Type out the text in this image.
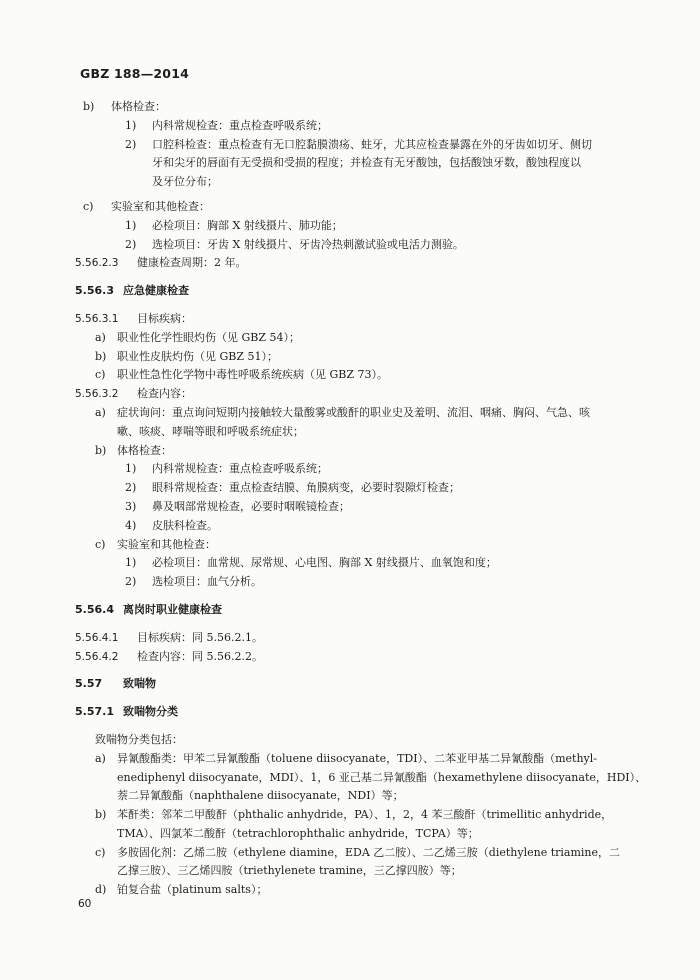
GBZ 188—2014
b)	体格检查：
1)	内科常规检查：重点检查呼吸系统；
2)	口腔科检查：重点检查有无口腔黏膜溃疡、蛀牙，尤其应检查暴露在外的牙齿如切牙、侧切
牙和尖牙的唇面有无受损和受损的程度；并检查有无牙酸蚀，包括酸蚀牙数，酸蚀程度以
及牙位分布；
c)	实验室和其他检查：
1)	必检项目：胸部 X 射线摄片、肺功能；
2)	选检项目：牙齿 X 射线摄片、牙齿冷热刺激试验或电活力测验。
5.56.2.3	健康检查周期：2 年。
5.56.3 应急健康检查
5.56.3.1	目标疾病：
a)	职业性化学性眼灼伤（见 GBZ 54）；
b) 职业性皮肤灼伤（见 GBZ 51）；
c)	职业性急性化学物中毒性呼吸系统疾病（见 GBZ 73）。
5.56.3.2	检查内容：
a)	症状询问：重点询问短期内接触较大量酸雾或酸酐的职业史及羞明、流泪、咽痛、胸闷、气急、咳
嗽、咳痰、哮喘等眼和呼吸系统症状；
b) 体格检查：
1)	内科常规检查：重点检查呼吸系统；
2)	眼科常规检查：重点检查结膜、角膜病变，必要时裂隙灯检查；
3)	鼻及咽部常规检查，必要时咽喉镜检查；
4)	皮肤科检查。
c)	实验室和其他检查：
1)	必检项目：血常规、尿常规、心电图、胸部 X 射线摄片、血氧饱和度；
2)	选检项目：血气分析。
5.56.4 离岗时职业健康检查
5.56.4.1	目标疾病：同 5.56.2.1。
5.56.4.2	检查内容：同 5.56.2.2。
5.57	致喘物
5.57.1 致喘物分类
致喘物分类包括：
a)	异氰酸酯类：甲苯二异氰酸酯（toluene diisocyanate，TDI）、二苯亚甲基二异氰酸酯（methyl-
enediphenyl diisocyanate，MDI）、1，6 亚己基二异氰酸酯（hexamethylene diisocyanate，HDI）、
萘二异氰酸酯（naphthalene diisocyanate，NDI）等；
b) 苯酐类：邻苯二甲酸酐（phthalic anhydride，PA）、1，2，4 苯三酸酐（trimellitic anhydride，
TMA）、四氯苯二酸酐（tetrachlorophthalic anhydride，TCPA）等；
c)	多胺固化剂：乙烯二胺（ethylene diamine，EDA 乙二胺）、二乙烯三胺（diethylene triamine，二
乙撑三胺）、三乙烯四胺（triethylenete tramine，三乙撑四胺）等；
d) 铂复合盐（platinum salts）；
60
